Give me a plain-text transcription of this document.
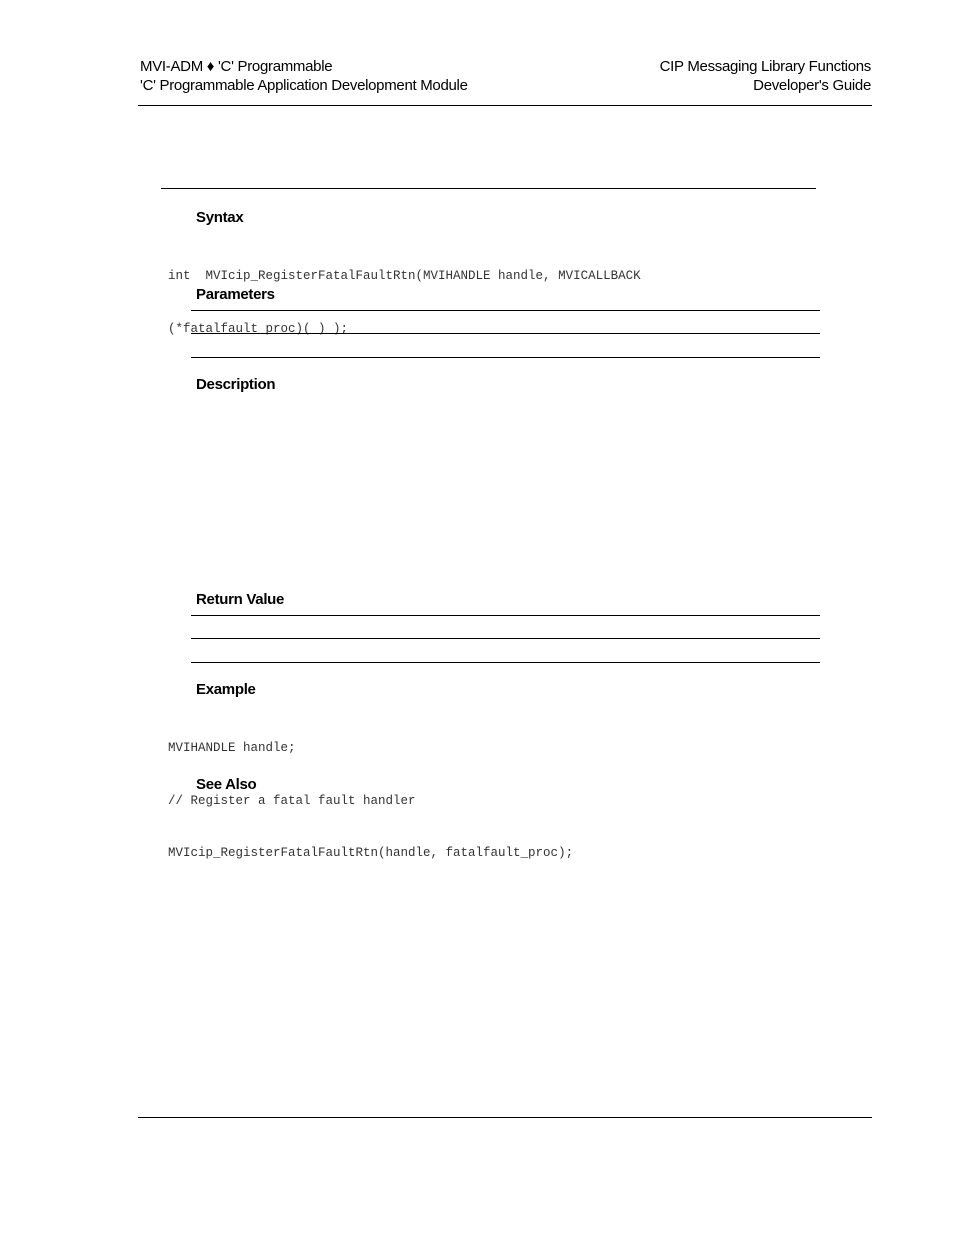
MVI-ADM ♦ 'C' Programmable
'C' Programmable Application Development Module
CIP Messaging Library Functions
Developer's Guide
Syntax

int  MVIcip_RegisterFatalFaultRtn(MVIHANDLE handle, MVICALLBACK

(*fatalfault_proc)( ) );

Parameters
Description
Return Value
Example

MVIHANDLE handle;

// Register a fatal fault handler

MVIcip_RegisterFatalFaultRtn(handle, fatalfault_proc);

See Also
